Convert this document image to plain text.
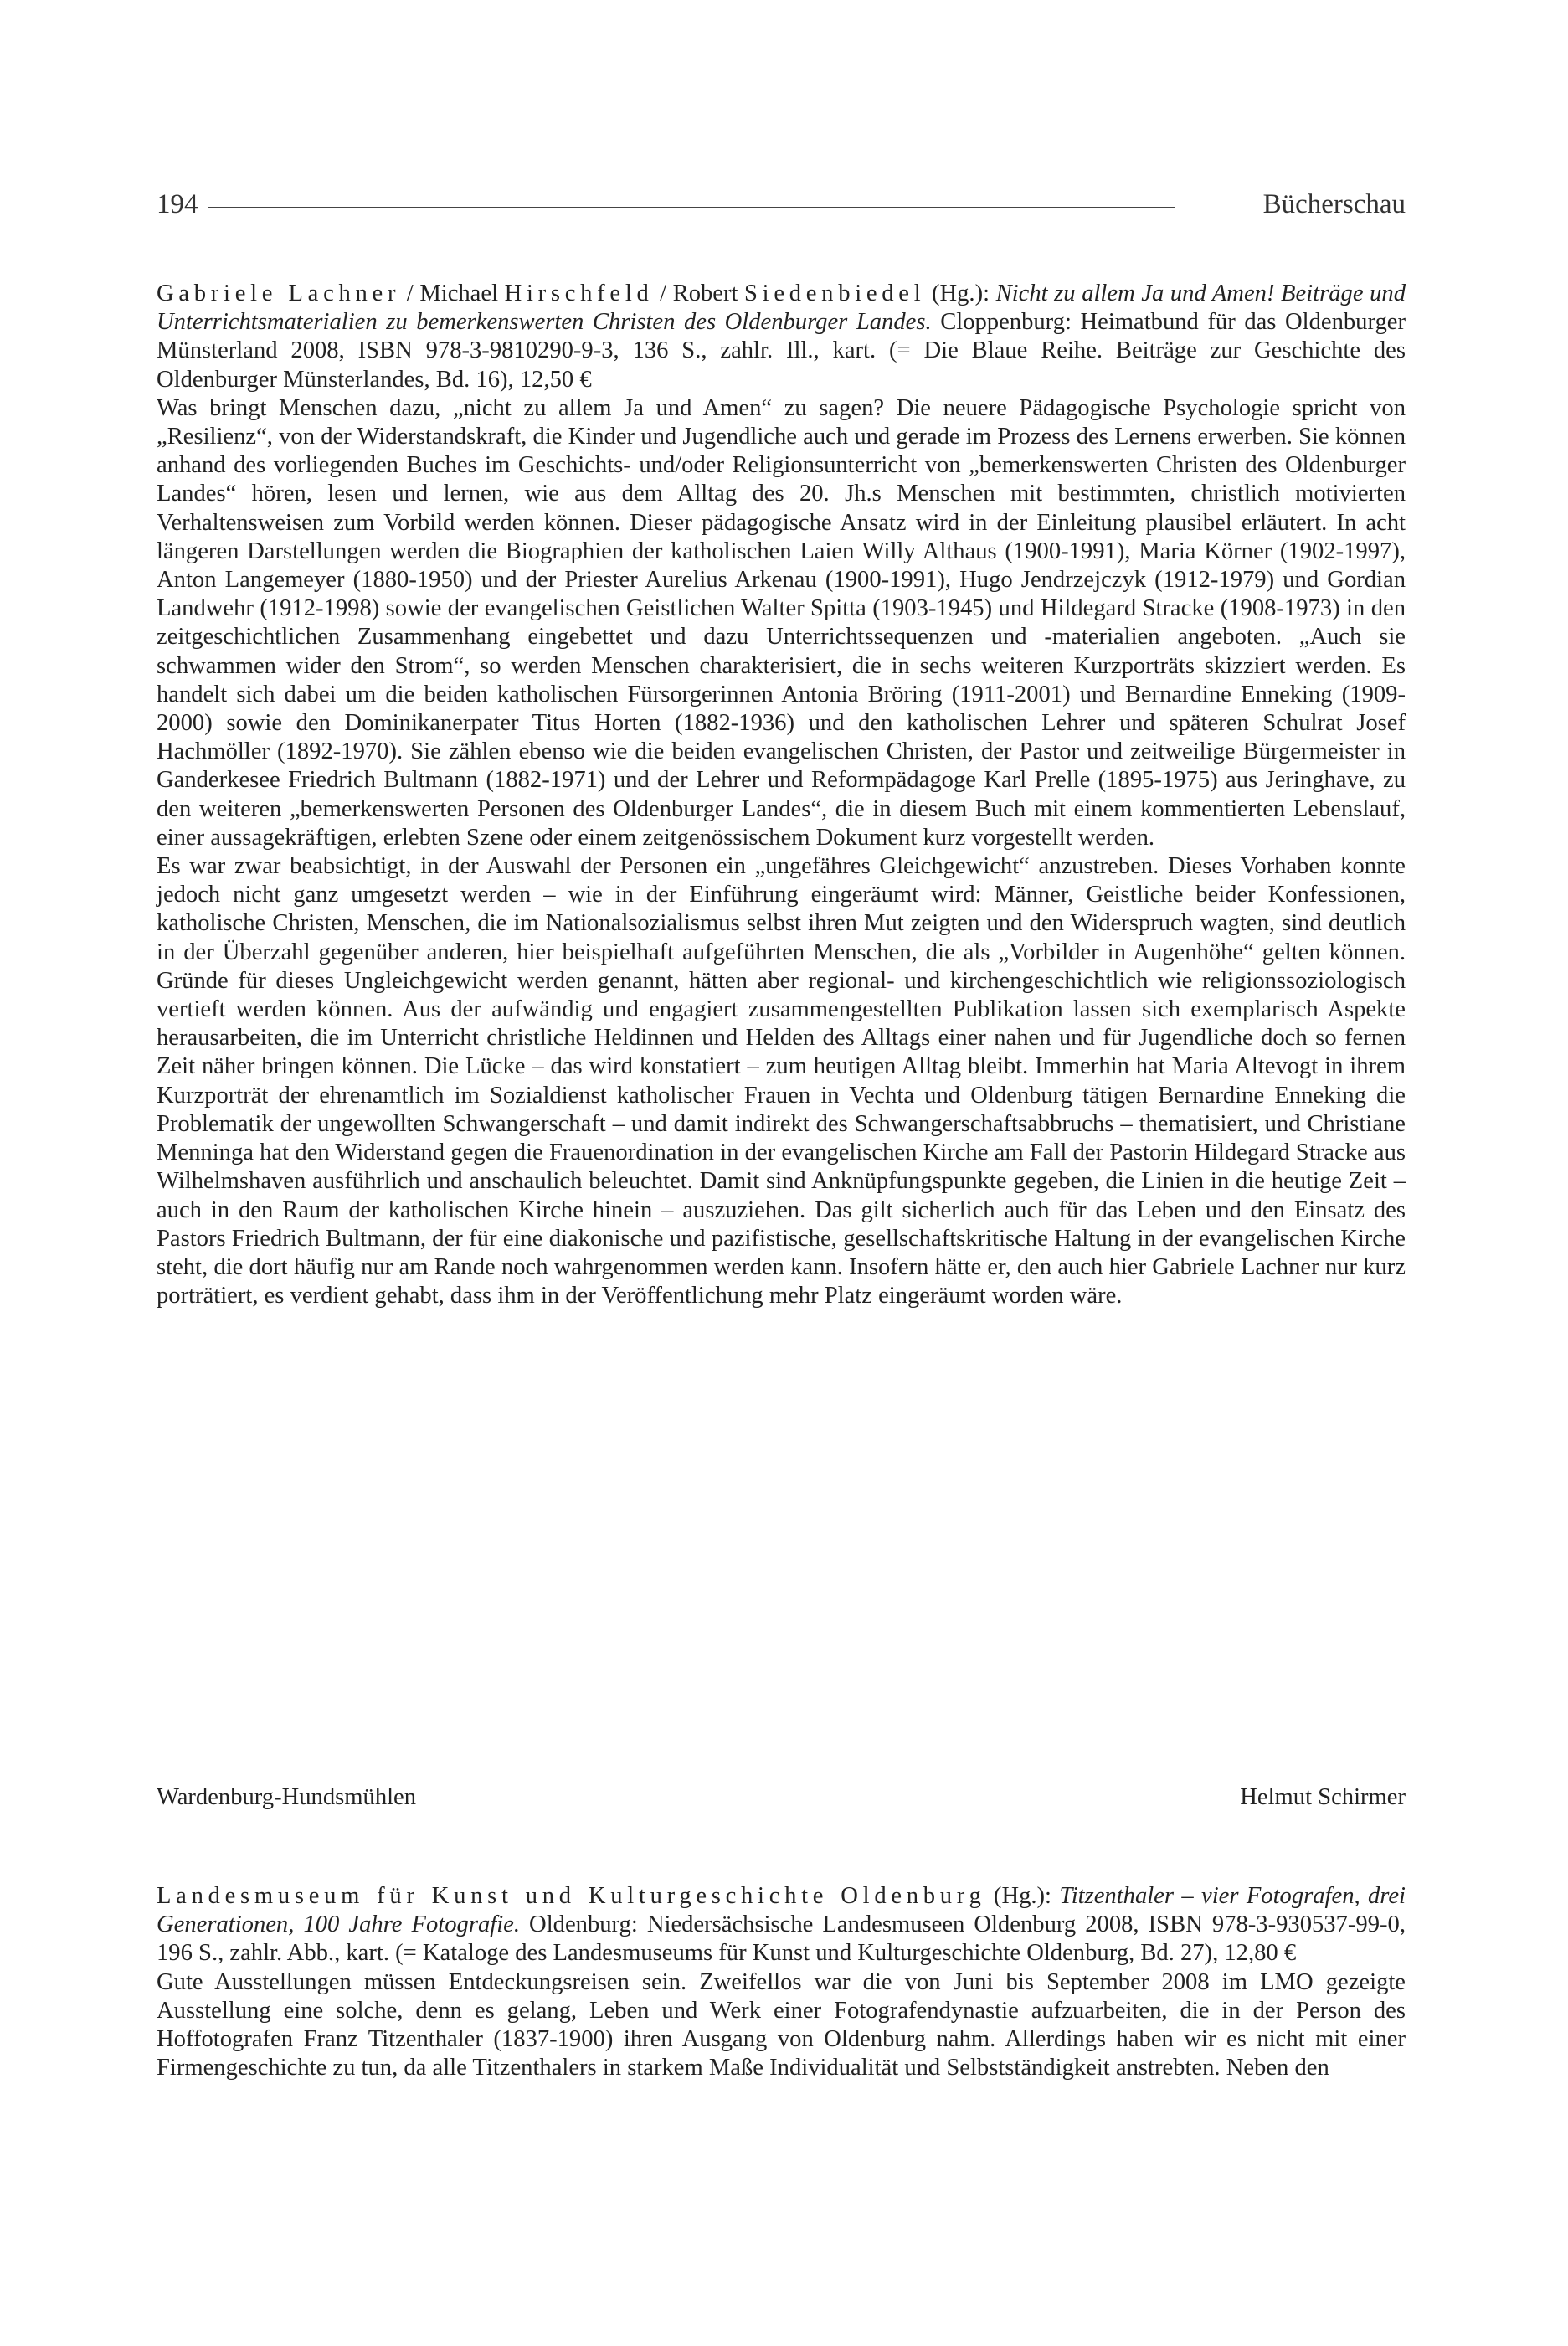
194	Bücherschau

Gabriele Lachner / Michael Hirschfeld / Robert Siedenbiedel (Hg.): Nicht zu allem Ja und Amen! Beiträge und Unterrichtsmaterialien zu bemerkenswerten Christen des Oldenburger Landes. Cloppenburg: Heimatbund für das Oldenburger Münsterland 2008, ISBN 978-3-9810290-9-3, 136 S., zahlr. Ill., kart. (= Die Blaue Reihe. Beiträge zur Geschichte des Oldenburger Münsterlandes, Bd. 16), 12,50 €

Was bringt Menschen dazu, „nicht zu allem Ja und Amen“ zu sagen? Die neuere Pädagogische Psychologie spricht von „Resilienz“, von der Widerstandskraft, die Kinder und Jugendliche auch und gerade im Prozess des Lernens erwerben. Sie können anhand des vorliegenden Buches im Geschichts- und/oder Religionsunterricht von „bemerkenswerten Christen des Oldenburger Landes“ hören, lesen und lernen, wie aus dem Alltag des 20. Jh.s Menschen mit bestimmten, christlich motivierten Verhaltensweisen zum Vorbild werden können. Dieser pädagogische Ansatz wird in der Einleitung plausibel erläutert. In acht längeren Darstellungen werden die Biographien der katholischen Laien Willy Althaus (1900-1991), Maria Körner (1902-1997), Anton Langemeyer (1880-1950) und der Priester Aurelius Arkenau (1900-1991), Hugo Jendrzejczyk (1912-1979) und Gordian Landwehr (1912-1998) sowie der evangelischen Geistlichen Walter Spitta (1903-1945) und Hildegard Stracke (1908-1973) in den zeitgeschichtlichen Zusammenhang eingebettet und dazu Unterrichtssequenzen und -materialien angeboten. „Auch sie schwammen wider den Strom“, so werden Menschen charakterisiert, die in sechs weiteren Kurzporträts skizziert werden. Es handelt sich dabei um die beiden katholischen Fürsorgerinnen Antonia Bröring (1911-2001) und Bernardine Enneking (1909-2000) sowie den Dominikanerpater Titus Horten (1882-1936) und den katholischen Lehrer und späteren Schulrat Josef Hachmöller (1892-1970). Sie zählen ebenso wie die beiden evangelischen Christen, der Pastor und zeitweilige Bürgermeister in Ganderkesee Friedrich Bultmann (1882-1971) und der Lehrer und Reformpädagoge Karl Prelle (1895-1975) aus Jeringhave, zu den weiteren „bemerkenswerten Personen des Oldenburger Landes“, die in diesem Buch mit einem kommentierten Lebenslauf, einer aussagekräftigen, erlebten Szene oder einem zeitgenössischem Dokument kurz vorgestellt werden.

Es war zwar beabsichtigt, in der Auswahl der Personen ein „ungefähres Gleichgewicht“ anzustreben. Dieses Vorhaben konnte jedoch nicht ganz umgesetzt werden – wie in der Einführung eingeräumt wird: Männer, Geistliche beider Konfessionen, katholische Christen, Menschen, die im Nationalsozialismus selbst ihren Mut zeigten und den Widerspruch wagten, sind deutlich in der Überzahl gegenüber anderen, hier beispielhaft aufgeführten Menschen, die als „Vorbilder in Augenhöhe“ gelten können. Gründe für dieses Ungleichgewicht werden genannt, hätten aber regional- und kirchengeschichtlich wie religionssoziologisch vertieft werden können. Aus der aufwändig und engagiert zusammengestellten Publikation lassen sich exemplarisch Aspekte herausarbeiten, die im Unterricht christliche Heldinnen und Helden des Alltags einer nahen und für Jugendliche doch so fernen Zeit näher bringen können. Die Lücke – das wird konstatiert – zum heutigen Alltag bleibt. Immerhin hat Maria Altevogt in ihrem Kurzporträt der ehrenamtlich im Sozialdienst katholischer Frauen in Vechta und Oldenburg tätigen Bernardine Enneking die Problematik der ungewollten Schwangerschaft – und damit indirekt des Schwangerschaftsabbruchs – thematisiert, und Christiane Menninga hat den Widerstand gegen die Frauenordination in der evangelischen Kirche am Fall der Pastorin Hildegard Stracke aus Wilhelmshaven ausführlich und anschaulich beleuchtet. Damit sind Anknüpfungspunkte gegeben, die Linien in die heutige Zeit – auch in den Raum der katholischen Kirche hinein – auszuziehen. Das gilt sicherlich auch für das Leben und den Einsatz des Pastors Friedrich Bultmann, der für eine diakonische und pazifistische, gesellschaftskritische Haltung in der evangelischen Kirche steht, die dort häufig nur am Rande noch wahrgenommen werden kann. Insofern hätte er, den auch hier Gabriele Lachner nur kurz porträtiert, es verdient gehabt, dass ihm in der Veröffentlichung mehr Platz eingeräumt worden wäre.

Wardenburg-Hundsmühlen	Helmut Schirmer

Landesmuseum für Kunst und Kulturgeschichte Oldenburg (Hg.): Titzenthaler – vier Fotografen, drei Generationen, 100 Jahre Fotografie. Oldenburg: Niedersächsische Landesmuseen Oldenburg 2008, ISBN 978-3-930537-99-0, 196 S., zahlr. Abb., kart. (= Kataloge des Landesmuseums für Kunst und Kulturgeschichte Oldenburg, Bd. 27), 12,80 €

Gute Ausstellungen müssen Entdeckungsreisen sein. Zweifellos war die von Juni bis September 2008 im LMO gezeigte Ausstellung eine solche, denn es gelang, Leben und Werk einer Fotografendynastie aufzuarbeiten, die in der Person des Hoffotografen Franz Titzenthaler (1837-1900) ihren Ausgang von Oldenburg nahm. Allerdings haben wir es nicht mit einer Firmengeschichte zu tun, da alle Titzenthalers in starkem Maße Individualität und Selbstständigkeit anstrebten. Neben den
